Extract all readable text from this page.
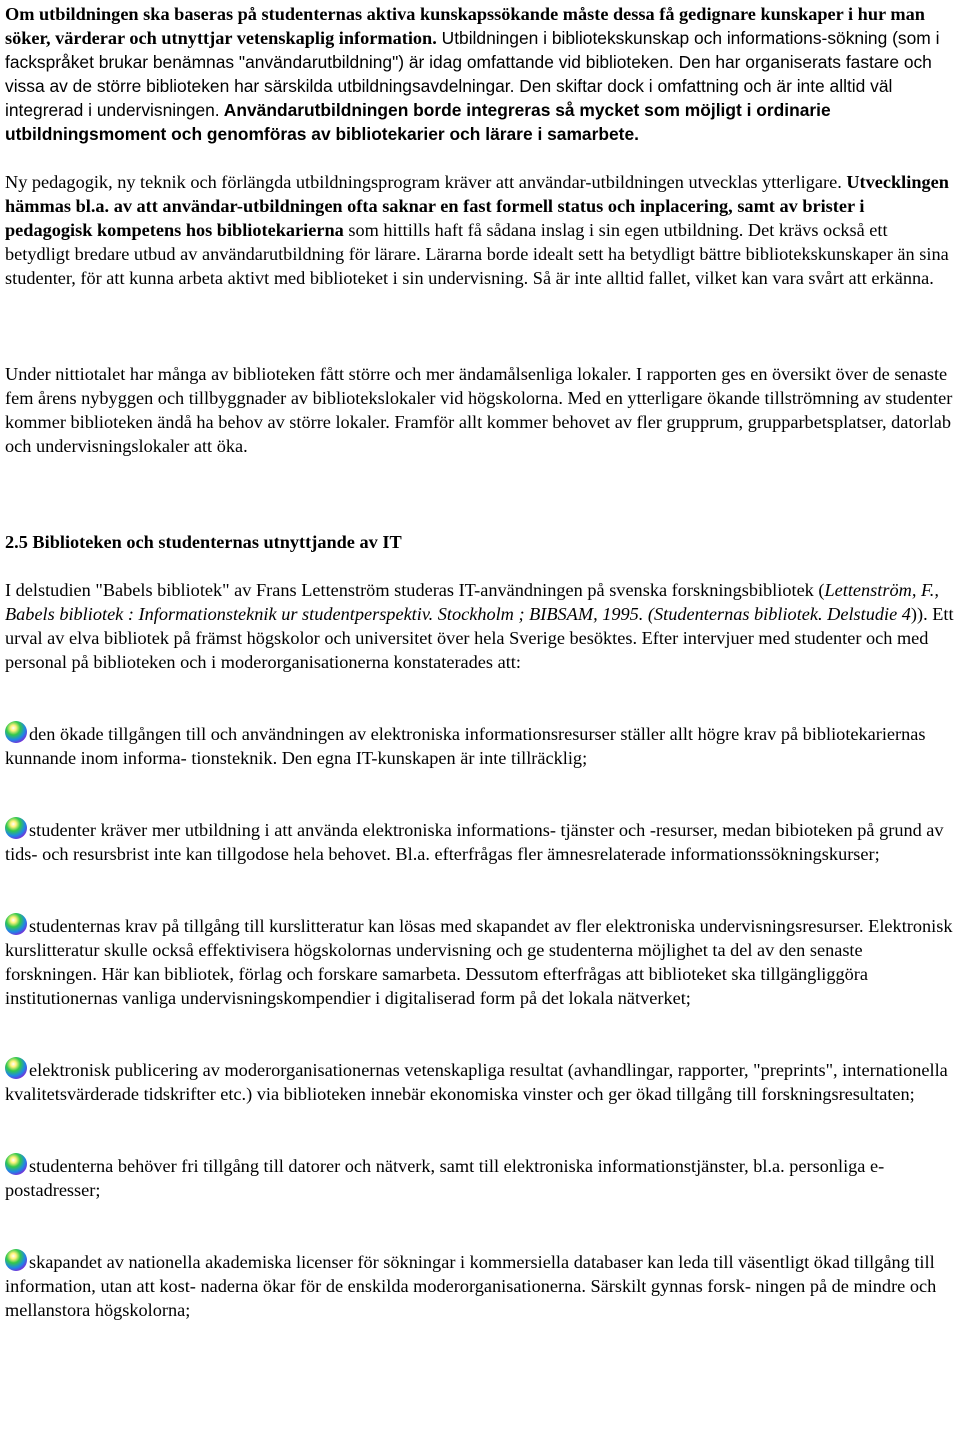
Om utbildningen ska baseras på studenternas aktiva kunskapssökande måste dessa få gedignare kunskaper i hur man söker, värderar och utnyttjar vetenskaplig information. Utbildningen i bibliotekskunskap och informations-sökning (som i fackspråket brukar benämnas "användarutbildning") är idag omfattande vid biblioteken. Den har organiserats fastare och vissa av de större biblioteken har särskilda utbildningsavdelningar. Den skiftar dock i omfattning och är inte alltid väl integrerad i undervisningen. Användarutbildningen borde integreras så mycket som möjligt i ordinarie utbildningsmoment och genomföras av bibliotekarier och lärare i samarbete.

Ny pedagogik, ny teknik och förlängda utbildningsprogram kräver att användar-utbildningen utvecklas ytterligare. Utvecklingen hämmas bl.a. av att användar-utbildningen ofta saknar en fast formell status och inplacering, samt av brister i pedagogisk kompetens hos bibliotekarierna som hittills haft få sådana inslag i sin egen utbildning. Det krävs också ett betydligt bredare utbud av användarutbildning för lärare. Lärarna borde idealt sett ha betydligt bättre bibliotekskunskaper än sina studenter, för att kunna arbeta aktivt med biblioteket i sin undervisning. Så är inte alltid fallet, vilket kan vara svårt att erkänna.

Under nittiotalet har många av biblioteken fått större och mer ändamålsenliga lokaler. I rapporten ges en översikt över de senaste fem årens nybyggen och tillbyggnader av bibliotekslokaler vid högskolorna. Med en ytterligare ökande tillströmning av studenter kommer biblioteken ändå ha behov av större lokaler. Framför allt kommer behovet av fler grupprum, grupparbetsplatser, datorlab och undervisningslokaler att öka.

2.5 Biblioteken och studenternas utnyttjande av IT

I delstudien "Babels bibliotek" av Frans Lettenström studeras IT-användningen på svenska forskningsbibliotek (Lettenström, F., Babels bibliotek : Informationsteknik ur studentperspektiv. Stockholm ; BIBSAM, 1995. (Studenternas bibliotek. Delstudie 4)). Ett urval av elva bibliotek på främst högskolor och universitet över hela Sverige besöktes. Efter intervjuer med studenter och med personal på biblioteken och i moderorganisationerna konstaterades att:

den ökade tillgången till och användningen av elektroniska informationsresurser ställer allt högre krav på bibliotekariernas kunnande inom informa- tionsteknik. Den egna IT-kunskapen är inte tillräcklig;

studenter kräver mer utbildning i att använda elektroniska informations- tjänster och -resurser, medan bibioteken på grund av tids- och resursbrist inte kan tillgodose hela behovet. Bl.a. efterfrågas fler ämnesrelaterade informationssökningskurser;

studenternas krav på tillgång till kurslitteratur kan lösas med skapandet av fler elektroniska undervisningsresurser. Elektronisk kurslitteratur skulle också effektivisera högskolornas undervisning och ge studenterna möjlighet ta del av den senaste forskningen. Här kan bibliotek, förlag och forskare samarbeta. Dessutom efterfrågas att biblioteket ska tillgängliggöra institutionernas vanliga undervisningskompendier i digitaliserad form på det lokala nätverket;

elektronisk publicering av moderorganisationernas vetenskapliga resultat (avhandlingar, rapporter, "preprints", internationella kvalitetsvärderade tidskrifter etc.) via biblioteken innebär ekonomiska vinster och ger ökad tillgång till forskningsresultaten;

studenterna behöver fri tillgång till datorer och nätverk, samt till elektroniska informationstjänster, bl.a. personliga e-postadresser;

skapandet av nationella akademiska licenser för sökningar i kommersiella databaser kan leda till väsentligt ökad tillgång till information, utan att kost- naderna ökar för de enskilda moderorganisationerna. Särskilt gynnas forsk- ningen på de mindre och mellanstora högskolorna;
